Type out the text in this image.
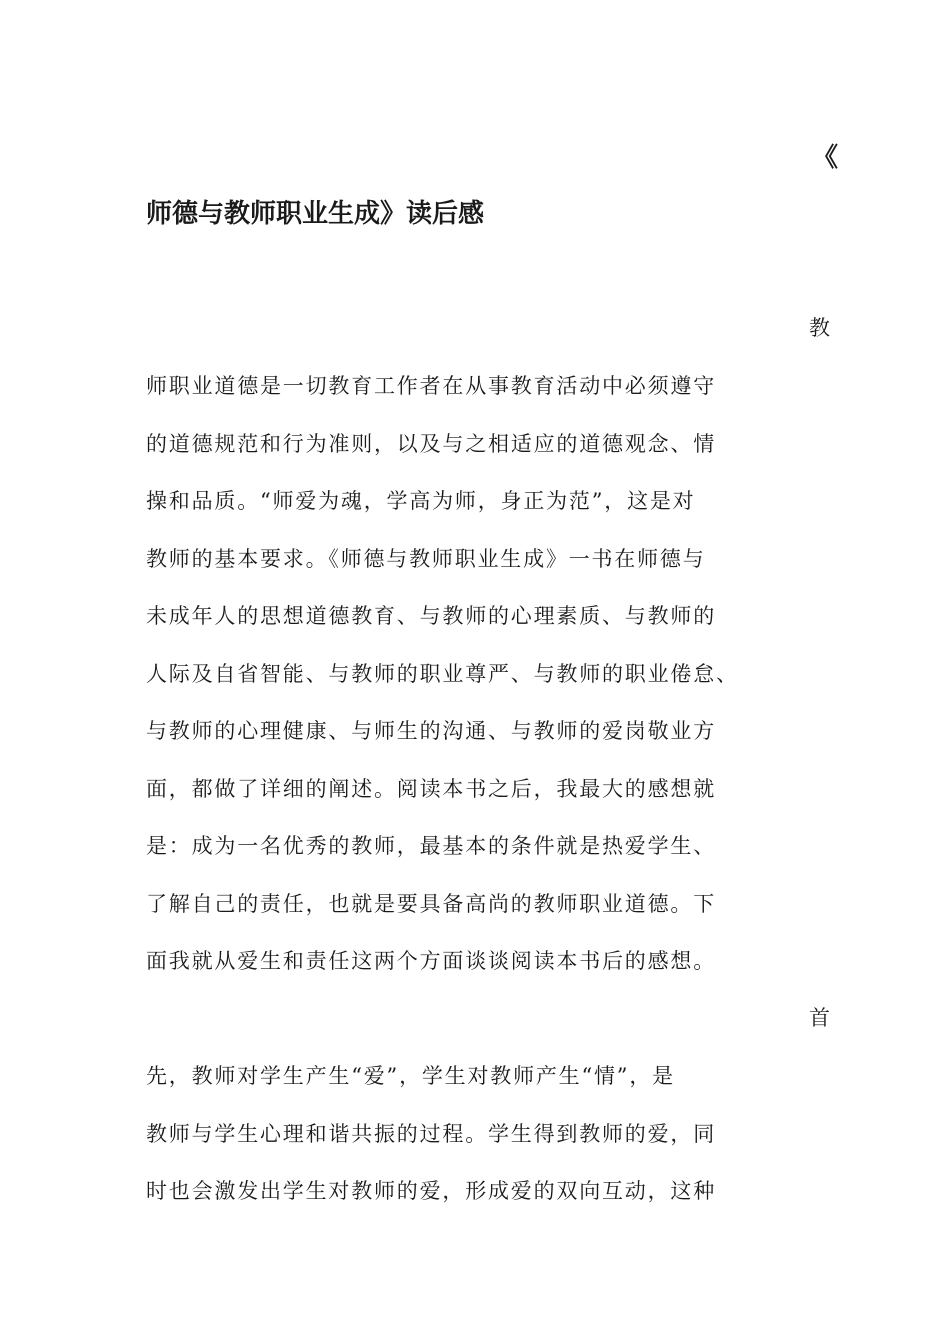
《
师德与教师职业生成》读后感

教

师职业道德是一切教育工作者在从事教育活动中必须遵守
的道德规范和行为准则，以及与之相适应的道德观念、情
操和品质。“师爱为魂，学高为师，身正为范”，这是对
教师的基本要求。《师德与教师职业生成》一书在师德与
未成年人的思想道德教育、与教师的心理素质、与教师的
人际及自省智能、与教师的职业尊严、与教师的职业倦怠、
与教师的心理健康、与师生的沟通、与教师的爱岗敬业方
面，都做了详细的阐述。阅读本书之后，我最大的感想就
是：成为一名优秀的教师，最基本的条件就是热爱学生、
了解自己的责任，也就是要具备高尚的教师职业道德。下
面我就从爱生和责任这两个方面谈谈阅读本书后的感想。

首

先，教师对学生产生“爱”，学生对教师产生“情”，是
教师与学生心理和谐共振的过程。学生得到教师的爱，同
时也会激发出学生对教师的爱，形成爱的双向互动，这种
